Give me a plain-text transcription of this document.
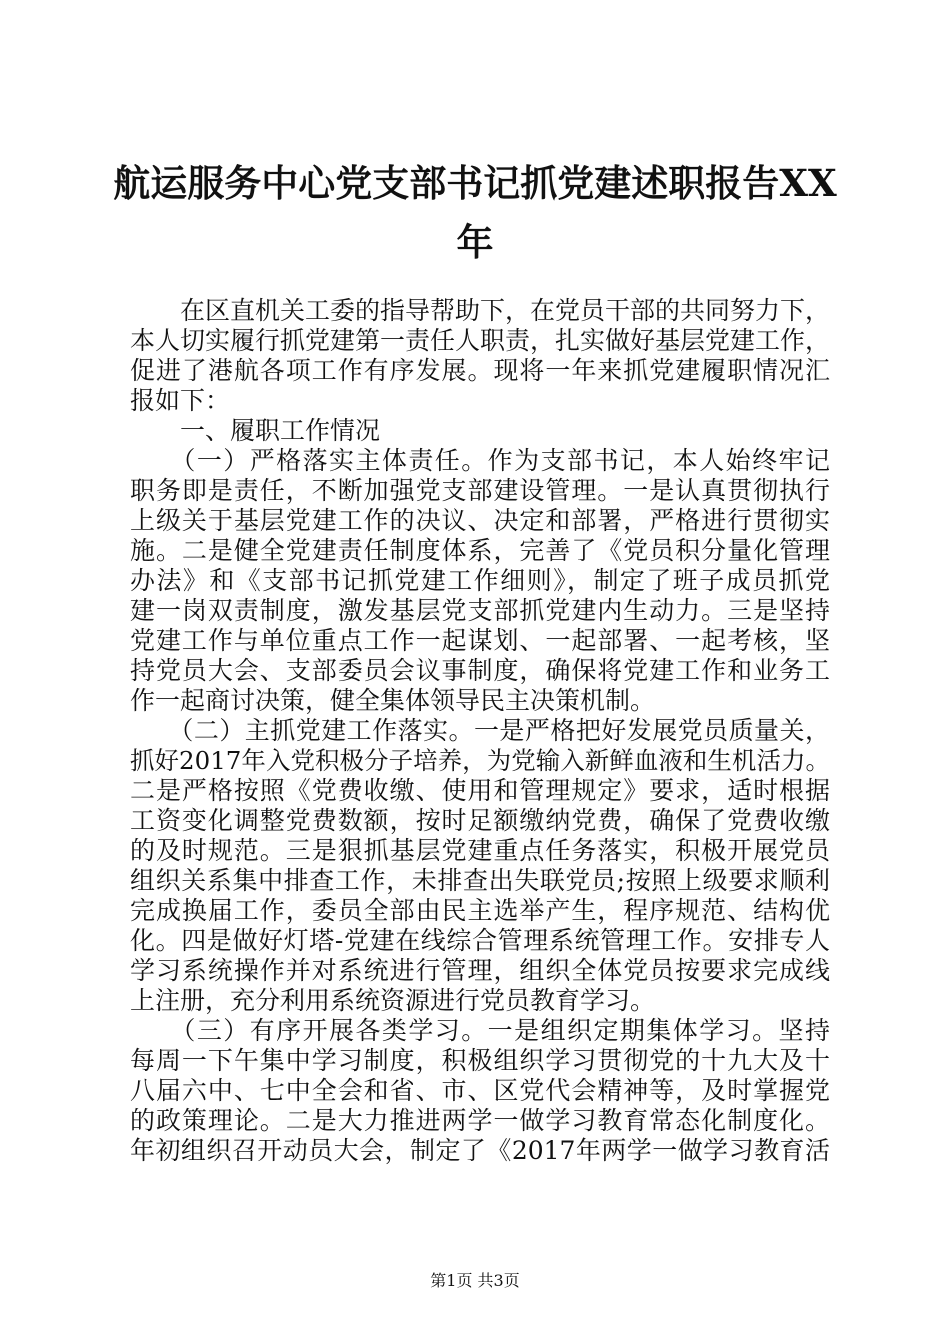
航运服务中心党支部书记抓党建述职报告XX
年
　　在区直机关工委的指导帮助下，在党员干部的共同努力下，
本人切实履行抓党建第一责任人职责，扎实做好基层党建工作，
促进了港航各项工作有序发展。现将一年来抓党建履职情况汇
报如下：
　　一、履职工作情况
　　（一）严格落实主体责任。作为支部书记，本人始终牢记
职务即是责任，不断加强党支部建设管理。一是认真贯彻执行
上级关于基层党建工作的决议、决定和部署，严格进行贯彻实
施。二是健全党建责任制度体系，完善了《党员积分量化管理
办法》和《支部书记抓党建工作细则》，制定了班子成员抓党
建一岗双责制度，激发基层党支部抓党建内生动力。三是坚持
党建工作与单位重点工作一起谋划、一起部署、一起考核，坚
持党员大会、支部委员会议事制度，确保将党建工作和业务工
作一起商讨决策，健全集体领导民主决策机制。
　　（二）主抓党建工作落实。一是严格把好发展党员质量关，
抓好2017年入党积极分子培养，为党输入新鲜血液和生机活力。
二是严格按照《党费收缴、使用和管理规定》要求，适时根据
工资变化调整党费数额，按时足额缴纳党费，确保了党费收缴
的及时规范。三是狠抓基层党建重点任务落实，积极开展党员
组织关系集中排查工作，未排查出失联党员;按照上级要求顺利
完成换届工作，委员全部由民主选举产生，程序规范、结构优
化。四是做好灯塔-党建在线综合管理系统管理工作。安排专人
学习系统操作并对系统进行管理，组织全体党员按要求完成线
上注册，充分利用系统资源进行党员教育学习。
　　（三）有序开展各类学习。一是组织定期集体学习。坚持
每周一下午集中学习制度，积极组织学习贯彻党的十九大及十
八届六中、七中全会和省、市、区党代会精神等，及时掌握党
的政策理论。二是大力推进两学一做学习教育常态化制度化。
年初组织召开动员大会，制定了《2017年两学一做学习教育活
第1页 共3页
